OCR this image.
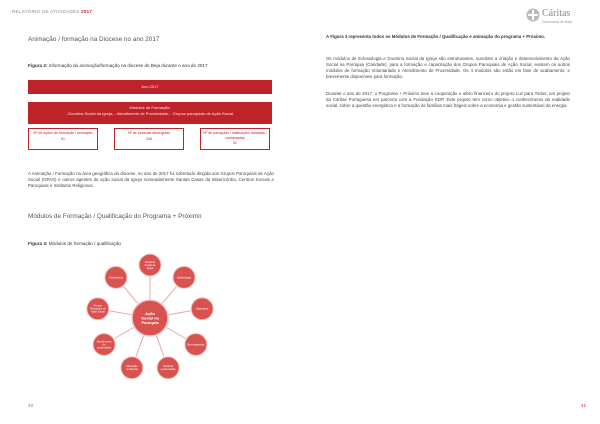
RELATÓRIO DE ATIVIDADES 2017
Animação / formação na Diocese no ano 2017
Figura 2: Informação da animação/formação na diocese de Beja durante o ano de 2017
Ano 2017
Módulos de Formação:
- Doutrina Social da Igreja; - Atendimento de Proximidade; - Grupos paroquiais de Ação Social.
Nº de ações de formação / animação
51
Nº de pessoas abrangidas
345
Nº de paróquias / instituições visitadas / contactadas
51
A Animação / Formação na área geográfica da diocese, no ano de 2017 foi sobretudo dirigida aos Grupos Paroquiais de Ação Social (GPAS) e outros agentes da ação social da Igreja nomeadamente Santas Casas da Misericórdia, Centros Sociais e Paroquiais e Institutos Religiosos.
Módulos de Formação / Qualificação do Programa + Próximo
Figura 3: Módulos de formação / qualificação
Doutrina
Social da
Igreja
Eclesiologia
Migrações
Bioenergéticas
Pastoral
penitenciária
Educação
ambiental
Atendimento
de
proximidade
Grupos
Paroquiais de
Ação Social
Voluntariado
Ação
Social na
Paróquia
40
Cáritas
Diocesana de Beja
A Figura 3 representa todos os Módulos de Formação / Qualificação e animação do programa + Próximo.
Os módulos de Eclesiologia e Doutrina Social da Igreja são estruturantes, suscitam a criação e desenvolvimento da Ação Social na Paróquia (Caridade), para a formação e capacitação dos Grupos Paroquiais de Ação Social, existem os outros módulos de formação Voluntariado e Atendimento de Proximidade. Os 4 módulos são estão em fase de acabamento, e brevemente disponíveis para formação.
Durante o ano de 2017, o Programa + Próximo teve a cooperação e afeto financeiro do projeto Luz para Todos; um projeto da Cáritas Portuguesa em parceria com a Fundação EDP. Este projeto tem como objetivo o conhecimento da realidade social, sobre a questão energética e a formação às famílias mais frágeis sobre a economia e gestão sustentável da energia.
41
